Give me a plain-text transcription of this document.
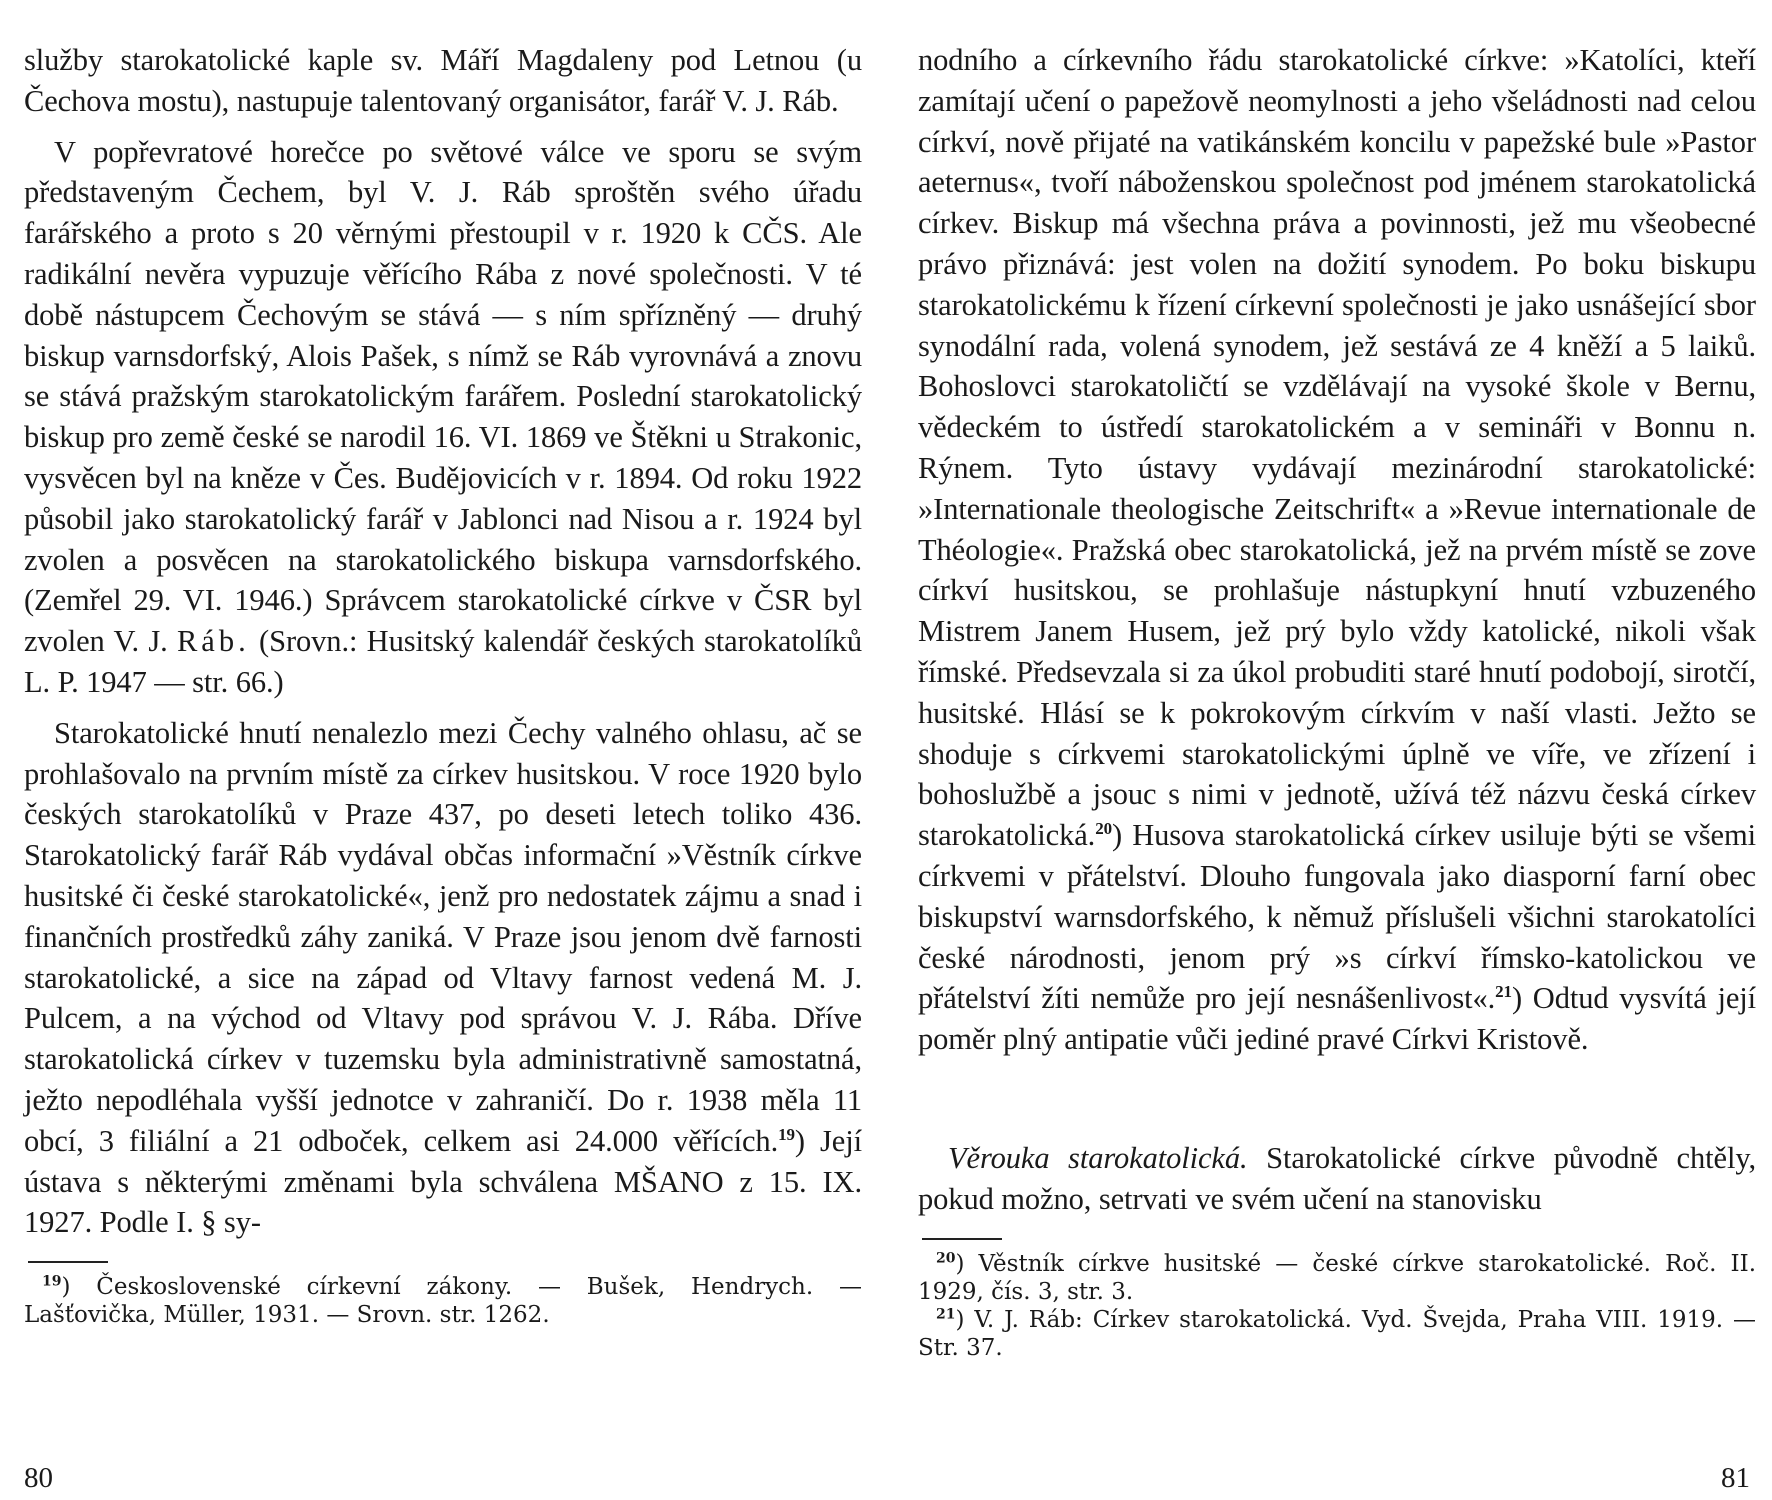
služby starokatolické kaple sv. Máří Magdaleny pod Letnou (u Čechova mostu), nastupuje talentovaný organisátor, farář V. J. Ráb.

V popřevratové horečce po světové válce ve sporu se svým představeným Čechem, byl V. J. Ráb sproštěn svého úřadu farářského a proto s 20 věrnými přestoupil v r. 1920 k CČS. Ale radikální nevěra vypuzuje věřícího Rába z nové společnosti. V té době nástupcem Čechovým se stává — s ním spřízněný — druhý biskup varnsdorfský, Alois Pašek, s nímž se Ráb vyrovnává a znovu se stává pražským starokatolickým farářem. Poslední starokatolický biskup pro země české se narodil 16. VI. 1869 ve Štěkni u Strakonic, vysvěcen byl na kněze v Čes. Budějovicích v r. 1894. Od roku 1922 působil jako starokatolický farář v Jablonci nad Nisou a r. 1924 byl zvolen a posvěcen na starokatolického biskupa varnsdorfského. (Zemřel 29. VI. 1946.) Správcem starokatolické církve v ČSR byl zvolen V. J. Ráb. (Srovn.: Husitský kalendář českých starokatolíků L. P. 1947 — str. 66.)

Starokatolické hnutí nenalezlo mezi Čechy valného ohlasu, ač se prohlašovalo na prvním místě za církev husitskou. V roce 1920 bylo českých starokatolíků v Praze 437, po deseti letech toliko 436. Starokatolický farář Ráb vydával občas informační »Věstník církve husitské či české starokatolické«, jenž pro nedostatek zájmu a snad i finančních prostředků záhy zaniká. V Praze jsou jenom dvě farnosti starokatolické, a sice na západ od Vltavy farnost vedená M. J. Pulcem, a na východ od Vltavy pod správou V. J. Rába. Dříve starokatolická církev v tuzemsku byla administrativně samostatná, ježto nepodléhala vyšší jednotce v zahraničí. Do r. 1938 měla 11 obcí, 3 filiální a 21 odboček, celkem asi 24.000 věřících.$^{19}$) Její ústava s některými změnami byla schválena MŠANO z 15. IX. 1927. Podle I. § sy-

$^{19}$) Československé církevní zákony. — Bušek, Hendrych. — Lašťovička, Müller, 1931. — Srovn. str. 1262.

80

nodního a církevního řádu starokatolické církve: »Katolíci, kteří zamítají učení o papežově neomylnosti a jeho všeládnosti nad celou církví, nově přijaté na vatikánském koncilu v papežské bule »Pastor aeternus«, tvoří náboženskou společnost pod jménem starokatolická církev. Biskup má všechna práva a povinnosti, jež mu všeobecné právo přiznává: jest volen na dožití synodem. Po boku biskupu starokatolickému k řízení církevní společnosti je jako usnášející sbor synodální rada, volená synodem, jež sestává ze 4 kněží a 5 laiků. Bohoslovci starokatoličtí se vzdělávají na vysoké škole v Bernu, vědeckém to ústředí starokatolickém a v semináři v Bonnu n. Rýnem. Tyto ústavy vydávají mezinárodní starokatolické: »Internationale theologische Zeitschrift« a »Revue internationale de Théologie«. Pražská obec starokatolická, jež na prvém místě se zove církví husitskou, se prohlašuje nástupkyní hnutí vzbuzeného Mistrem Janem Husem, jež prý bylo vždy katolické, nikoli však římské. Předsevzala si za úkol probuditi staré hnutí podobojí, sirotčí, husitské. Hlásí se k pokrokovým církvím v naší vlasti. Ježto se shoduje s církvemi starokatolickými úplně ve víře, ve zřízení i bohoslužbě a jsouc s nimi v jednotě, užívá též názvu česká církev starokatolická.$^{20}$) Husova starokatolická církev usiluje býti se všemi církvemi v přátelství. Dlouho fungovala jako diasporní farní obec biskupství warnsdorfského, k němuž příslušeli všichni starokatolíci české národnosti, jenom prý »s církví římsko-katolickou ve přátelství žíti nemůže pro její nesnášenlivost«.$^{21}$) Odtud vysvítá její poměr plný antipatie vůči jediné pravé Církvi Kristově.

Věrouka starokatolická. Starokatolické církve původně chtěly, pokud možno, setrvati ve svém učení na stanovisku

$^{20}$) Věstník církve husitské — české církve starokatolické. Roč. II. 1929, čís. 3, str. 3.

$^{21}$) V. J. Ráb: Církev starokatolická. Vyd. Švejda, Praha VIII. 1919. — Str. 37.

81
